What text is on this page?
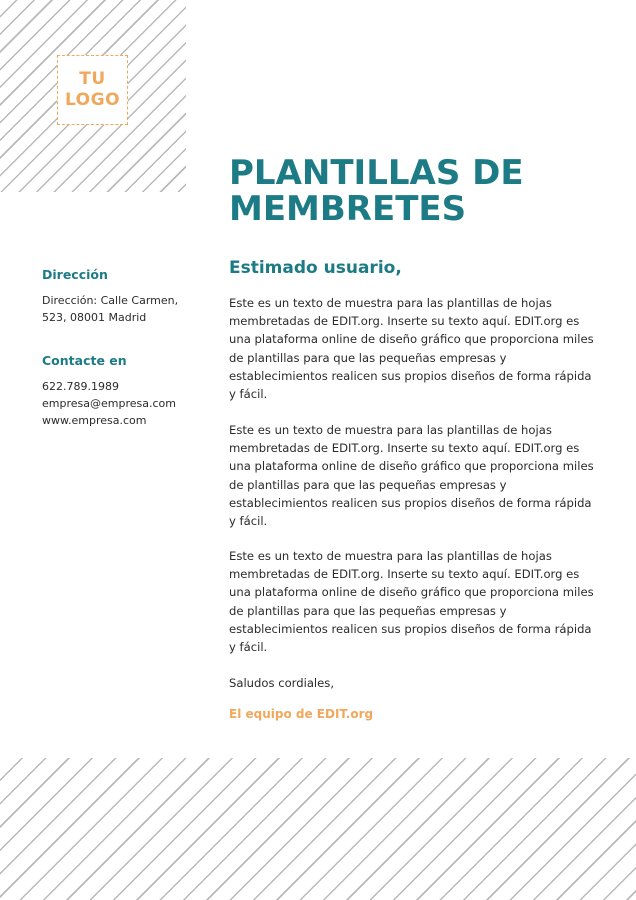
TU
LOGO
PLANTILLAS DE
MEMBRETES
Dirección
Dirección: Calle Carmen,
523, 08001 Madrid
Contacte en
622.789.1989
empresa@empresa.com
www.empresa.com
Estimado usuario,
Este es un texto de muestra para las plantillas de hojas membretadas de EDIT.org. Inserte su texto aquí. EDIT.org es una plataforma online de diseño gráfico que proporciona miles de plantillas para que las pequeñas empresas y establecimientos realicen sus propios diseños de forma rápida y fácil.
Este es un texto de muestra para las plantillas de hojas membretadas de EDIT.org. Inserte su texto aquí. EDIT.org es una plataforma online de diseño gráfico que proporciona miles de plantillas para que las pequeñas empresas y establecimientos realicen sus propios diseños de forma rápida y fácil.
Este es un texto de muestra para las plantillas de hojas membretadas de EDIT.org. Inserte su texto aquí. EDIT.org es una plataforma online de diseño gráfico que proporciona miles de plantillas para que las pequeñas empresas y establecimientos realicen sus propios diseños de forma rápida y fácil.
Saludos cordiales,
El equipo de EDIT.org
